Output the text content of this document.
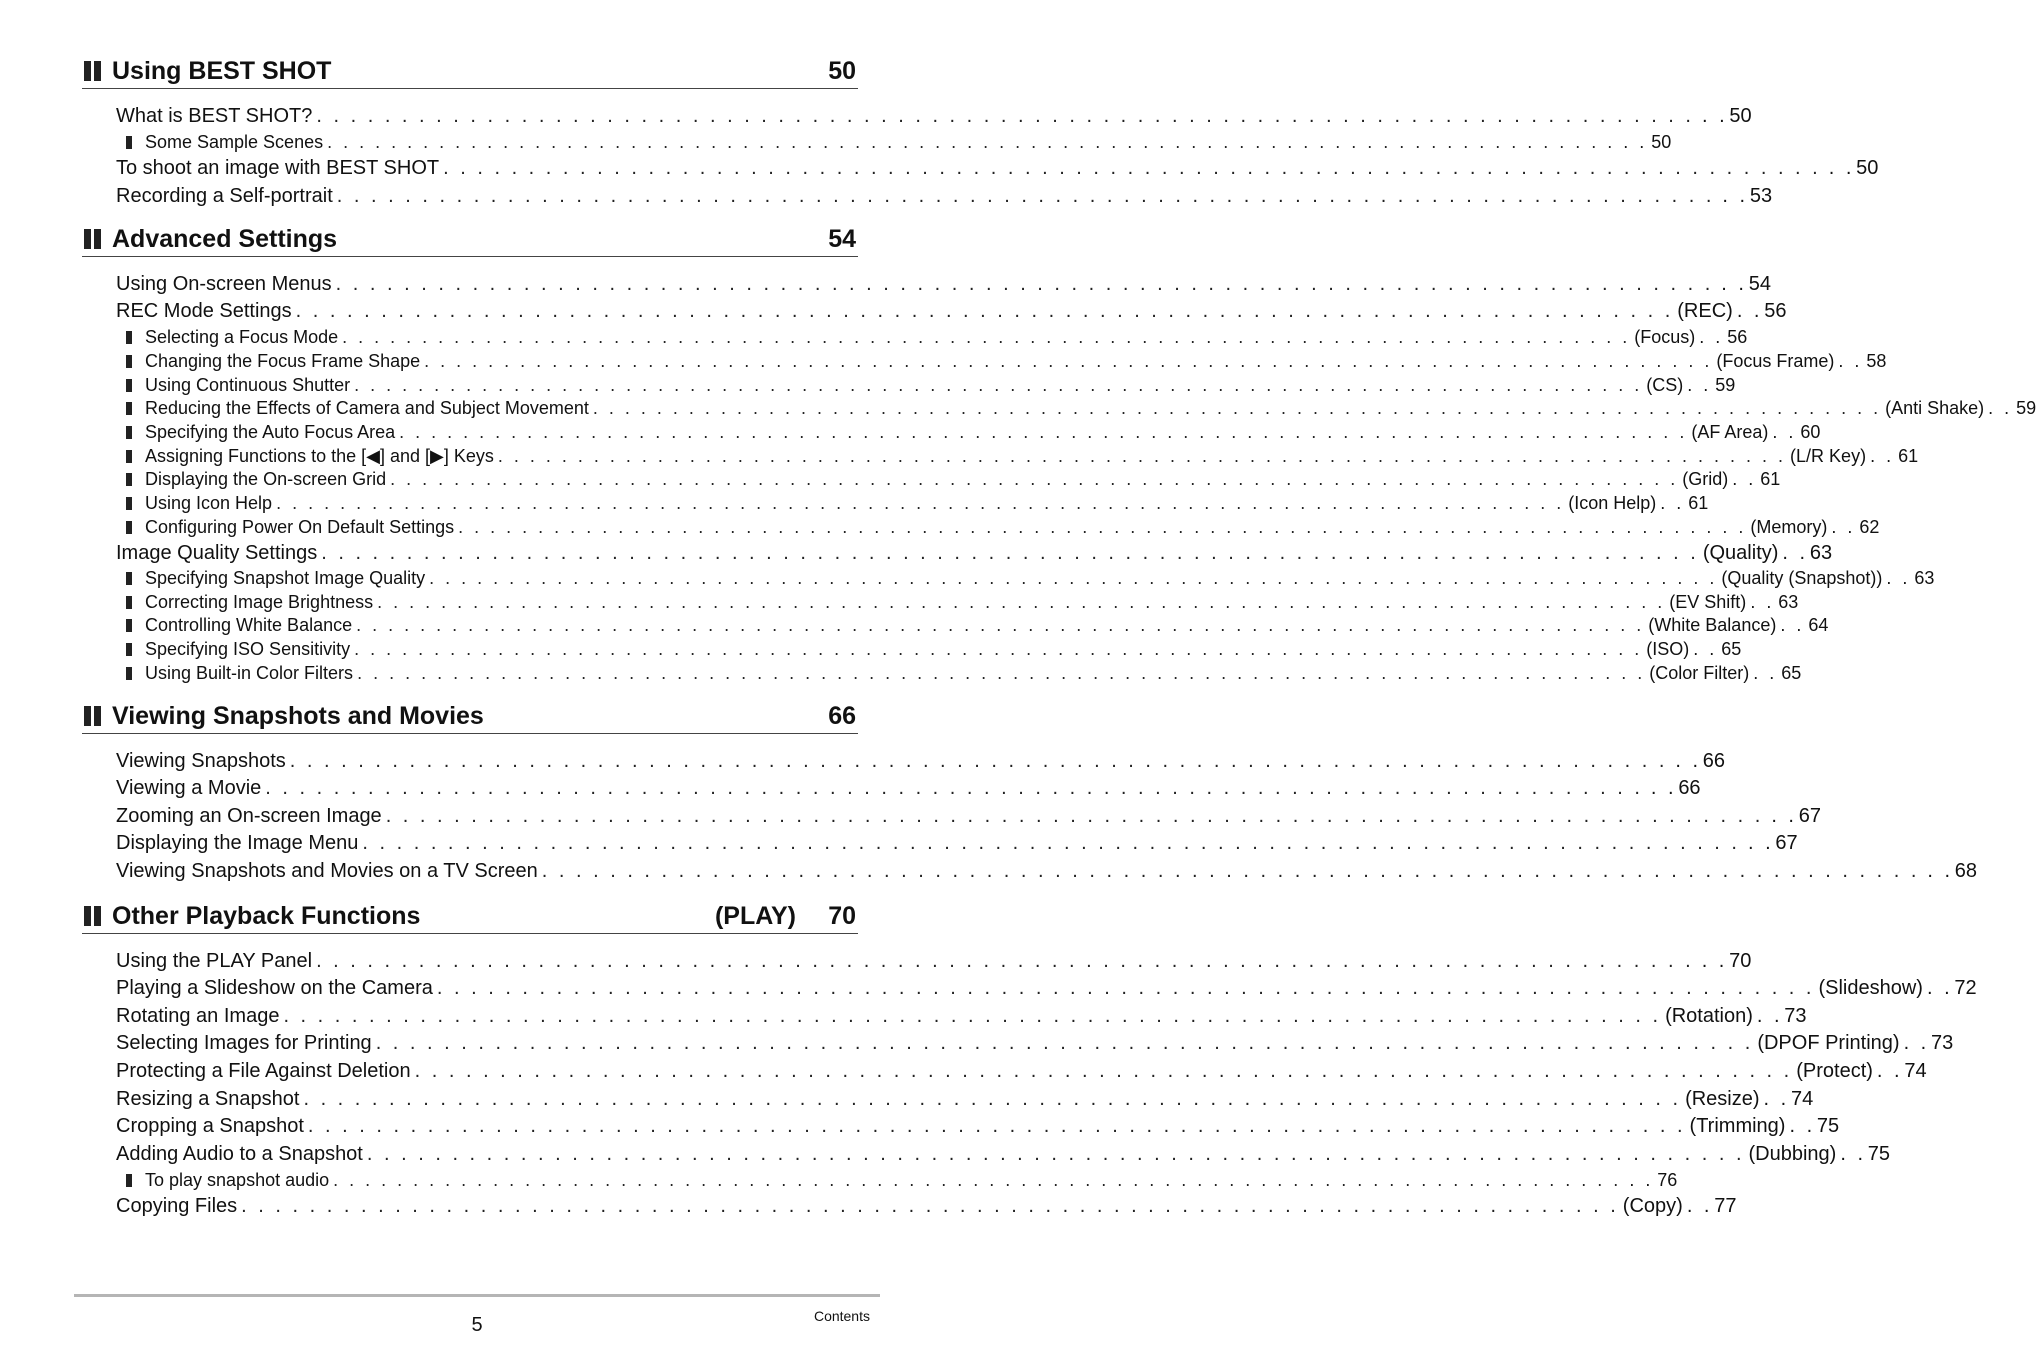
Using BEST SHOT	50
What is BEST SHOT? . . . . . . . . . . . . . . . . . . . . . . . . . . . . . . . . . . . . . . . . . . . . . . . . . . . . . . . . . . . . . . . . . . . . . . . . . . . . . . . . . . . 50
Some Sample Scenes . . . . . . . . . . . . . . . . . . . . . . . . . . . . . . . . . . . . . . . . . . . . . . . . . . . . . . . . . . . . . . . . . . . . . . . . . . . . . . . . . . . 50
To shoot an image with BEST SHOT . . . . . . . . . . . . . . . . . . . . . . . . . . . . . . . . . . . . . . . . . . . . . . . . . . . . . . . . . . . . . . . . . . . . . . . . . . . . . . . . . . . 50
Recording a Self-portrait . . . . . . . . . . . . . . . . . . . . . . . . . . . . . . . . . . . . . . . . . . . . . . . . . . . . . . . . . . . . . . . . . . . . . . . . . . . . . . . . . . . 53
Advanced Settings	54
Using On-screen Menus . . . . . . . . . . . . . . . . . . . . . . . . . . . . . . . . . . . . . . . . . . . . . . . . . . . . . . . . . . . . . . . . . . . . . . . . . . . . . . . . . . . 54
REC Mode Settings . . . . . . . . . . . . . . . . . . . . . . . . . . . . . . . . . . . . . . . . . . . . . . . . . . . . . . . . . . . . . . . . . . . . . . . . . . . . . . . . . (REC) . . 56
Selecting a Focus Mode . . . . . . . . . . . . . . . . . . . . . . . . . . . . . . . . . . . . . . . . . . . . . . . . . . . . . . . . . . . . . . . . . . . . . . . . . . . . . . . . . (Focus) . . 56
Changing the Focus Frame Shape . . . . . . . . . . . . . . . . . . . . . . . . . . . . . . . . . . . . . . . . . . . . . . . . . . . . . . . . . . . . . . . . . . . . . . . . . . . . . . . . . (Focus Frame) . . 58
Using Continuous Shutter . . . . . . . . . . . . . . . . . . . . . . . . . . . . . . . . . . . . . . . . . . . . . . . . . . . . . . . . . . . . . . . . . . . . . . . . . . . . . . . . . (CS) . . 59
Reducing the Effects of Camera and Subject Movement . . . . . . . . . . . . . . . . . . . . . . . . . . . . . . . . . . . . . . . . . . . . . . . . . . . . . . . . . . . . . . . . . . . . . . . . . . . . . . . . . (Anti Shake) . . 59
Specifying the Auto Focus Area . . . . . . . . . . . . . . . . . . . . . . . . . . . . . . . . . . . . . . . . . . . . . . . . . . . . . . . . . . . . . . . . . . . . . . . . . . . . . . . . . (AF Area) . . 60
Assigning Functions to the [◀] and [▶] Keys . . . . . . . . . . . . . . . . . . . . . . . . . . . . . . . . . . . . . . . . . . . . . . . . . . . . . . . . . . . . . . . . . . . . . . . . . . . . . . . . . (L/R Key) . . 61
Displaying the On-screen Grid . . . . . . . . . . . . . . . . . . . . . . . . . . . . . . . . . . . . . . . . . . . . . . . . . . . . . . . . . . . . . . . . . . . . . . . . . . . . . . . . . (Grid) . . 61
Using Icon Help . . . . . . . . . . . . . . . . . . . . . . . . . . . . . . . . . . . . . . . . . . . . . . . . . . . . . . . . . . . . . . . . . . . . . . . . . . . . . . . . . (Icon Help) . . 61
Configuring Power On Default Settings . . . . . . . . . . . . . . . . . . . . . . . . . . . . . . . . . . . . . . . . . . . . . . . . . . . . . . . . . . . . . . . . . . . . . . . . . . . . . . . . . (Memory) . . 62
Image Quality Settings . . . . . . . . . . . . . . . . . . . . . . . . . . . . . . . . . . . . . . . . . . . . . . . . . . . . . . . . . . . . . . . . . . . . . . . . . . . . . . . . . (Quality) . . 63
Specifying Snapshot Image Quality . . . . . . . . . . . . . . . . . . . . . . . . . . . . . . . . . . . . . . . . . . . . . . . . . . . . . . . . . . . . . . . . . . . . . . . . . . . . . . . . . (Quality (Snapshot)) . . 63
Correcting Image Brightness . . . . . . . . . . . . . . . . . . . . . . . . . . . . . . . . . . . . . . . . . . . . . . . . . . . . . . . . . . . . . . . . . . . . . . . . . . . . . . . . . (EV Shift) . . 63
Controlling White Balance . . . . . . . . . . . . . . . . . . . . . . . . . . . . . . . . . . . . . . . . . . . . . . . . . . . . . . . . . . . . . . . . . . . . . . . . . . . . . . . . . (White Balance) . . 64
Specifying ISO Sensitivity . . . . . . . . . . . . . . . . . . . . . . . . . . . . . . . . . . . . . . . . . . . . . . . . . . . . . . . . . . . . . . . . . . . . . . . . . . . . . . . . . (ISO) . . 65
Using Built-in Color Filters . . . . . . . . . . . . . . . . . . . . . . . . . . . . . . . . . . . . . . . . . . . . . . . . . . . . . . . . . . . . . . . . . . . . . . . . . . . . . . . . . (Color Filter) . . 65
Viewing Snapshots and Movies	66
Viewing Snapshots . . . . . . . . . . . . . . . . . . . . . . . . . . . . . . . . . . . . . . . . . . . . . . . . . . . . . . . . . . . . . . . . . . . . . . . . . . . . . . . . . . . 66
Viewing a Movie . . . . . . . . . . . . . . . . . . . . . . . . . . . . . . . . . . . . . . . . . . . . . . . . . . . . . . . . . . . . . . . . . . . . . . . . . . . . . . . . . . . 66
Zooming an On-screen Image . . . . . . . . . . . . . . . . . . . . . . . . . . . . . . . . . . . . . . . . . . . . . . . . . . . . . . . . . . . . . . . . . . . . . . . . . . . . . . . . . . . 67
Displaying the Image Menu . . . . . . . . . . . . . . . . . . . . . . . . . . . . . . . . . . . . . . . . . . . . . . . . . . . . . . . . . . . . . . . . . . . . . . . . . . . . . . . . . . . 67
Viewing Snapshots and Movies on a TV Screen . . . . . . . . . . . . . . . . . . . . . . . . . . . . . . . . . . . . . . . . . . . . . . . . . . . . . . . . . . . . . . . . . . . . . . . . . . . . . . . . . . . 68
Other Playback Functions	(PLAY) 70
Using the PLAY Panel . . . . . . . . . . . . . . . . . . . . . . . . . . . . . . . . . . . . . . . . . . . . . . . . . . . . . . . . . . . . . . . . . . . . . . . . . . . . . . . . . . . 70
Playing a Slideshow on the Camera . . . . . . . . . . . . . . . . . . . . . . . . . . . . . . . . . . . . . . . . . . . . . . . . . . . . . . . . . . . . . . . . . . . . . . . . . . . . . . . . . (Slideshow) . . 72
Rotating an Image . . . . . . . . . . . . . . . . . . . . . . . . . . . . . . . . . . . . . . . . . . . . . . . . . . . . . . . . . . . . . . . . . . . . . . . . . . . . . . . . . (Rotation) . . 73
Selecting Images for Printing . . . . . . . . . . . . . . . . . . . . . . . . . . . . . . . . . . . . . . . . . . . . . . . . . . . . . . . . . . . . . . . . . . . . . . . . . . . . . . . . . (DPOF Printing) . . 73
Protecting a File Against Deletion . . . . . . . . . . . . . . . . . . . . . . . . . . . . . . . . . . . . . . . . . . . . . . . . . . . . . . . . . . . . . . . . . . . . . . . . . . . . . . . . . (Protect) . . 74
Resizing a Snapshot . . . . . . . . . . . . . . . . . . . . . . . . . . . . . . . . . . . . . . . . . . . . . . . . . . . . . . . . . . . . . . . . . . . . . . . . . . . . . . . . . (Resize) . . 74
Cropping a Snapshot . . . . . . . . . . . . . . . . . . . . . . . . . . . . . . . . . . . . . . . . . . . . . . . . . . . . . . . . . . . . . . . . . . . . . . . . . . . . . . . . . (Trimming) . . 75
Adding Audio to a Snapshot . . . . . . . . . . . . . . . . . . . . . . . . . . . . . . . . . . . . . . . . . . . . . . . . . . . . . . . . . . . . . . . . . . . . . . . . . . . . . . . . . (Dubbing) . . 75
To play snapshot audio . . . . . . . . . . . . . . . . . . . . . . . . . . . . . . . . . . . . . . . . . . . . . . . . . . . . . . . . . . . . . . . . . . . . . . . . . . . . . . . . . . . 76
Copying Files . . . . . . . . . . . . . . . . . . . . . . . . . . . . . . . . . . . . . . . . . . . . . . . . . . . . . . . . . . . . . . . . . . . . . . . . . . . . . . . . . (Copy) . . 77
5	Contents
